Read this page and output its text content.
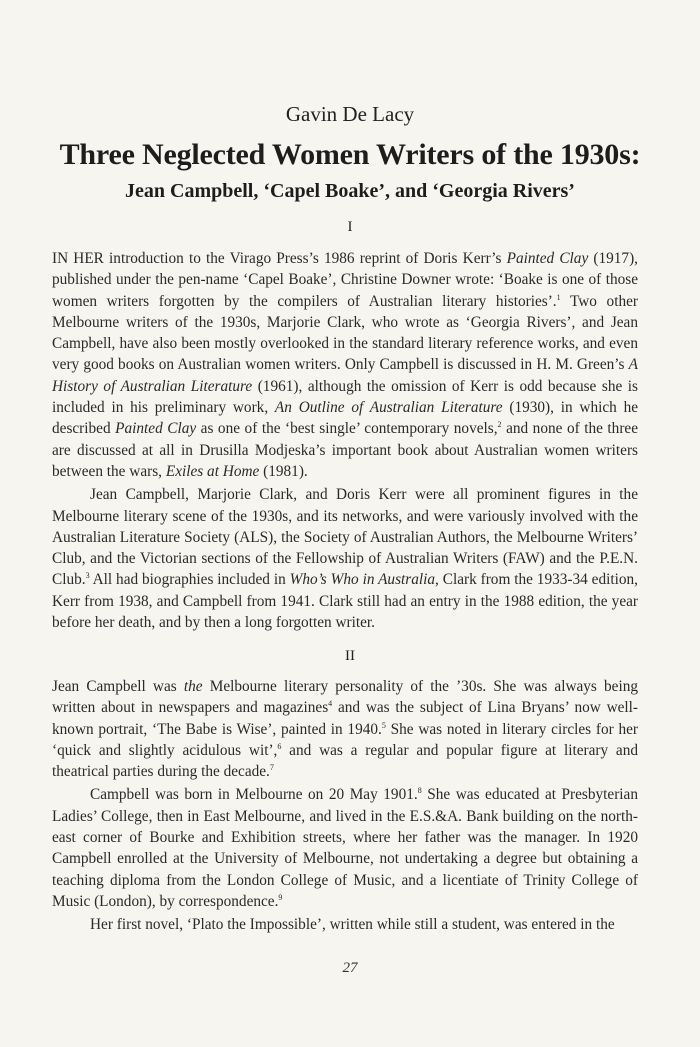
Gavin De Lacy
Three Neglected Women Writers of the 1930s:
Jean Campbell, ‘Capel Boake’, and ‘Georgia Rivers’
I

IN HER introduction to the Virago Press’s 1986 reprint of Doris Kerr’s Painted Clay (1917), published under the pen-name ‘Capel Boake’, Christine Downer wrote: ‘Boake is one of those women writers forgotten by the compilers of Australian literary histories’.$^1$ Two other Melbourne writers of the 1930s, Marjorie Clark, who wrote as ‘Georgia Rivers’, and Jean Campbell, have also been mostly overlooked in the standard literary reference works, and even very good books on Australian women writers. Only Campbell is discussed in H. M. Green’s A History of Australian Literature (1961), although the omission of Kerr is odd because she is included in his preliminary work, An Outline of Australian Literature (1930), in which he described Painted Clay as one of the ‘best single’ contemporary novels,$^2$ and none of the three are discussed at all in Drusilla Modjeska’s important book about Australian women writers between the wars, Exiles at Home (1981).

Jean Campbell, Marjorie Clark, and Doris Kerr were all prominent figures in the Melbourne literary scene of the 1930s, and its networks, and were variously involved with the Australian Literature Society (ALS), the Society of Australian Authors, the Melbourne Writers’ Club, and the Victorian sections of the Fellowship of Australian Writers (FAW) and the P.E.N. Club.$^3$ All had biographies included in Who’s Who in Australia, Clark from the 1933-34 edition, Kerr from 1938, and Campbell from 1941. Clark still had an entry in the 1988 edition, the year before her death, and by then a long forgotten writer.

II

Jean Campbell was the Melbourne literary personality of the ’30s. She was always being written about in newspapers and magazines$^4$ and was the subject of Lina Bryans’ now well-known portrait, ‘The Babe is Wise’, painted in 1940.$^5$ She was noted in literary circles for her ‘quick and slightly acidulous wit’,$^6$ and was a regular and popular figure at literary and theatrical parties during the decade.$^7$

Campbell was born in Melbourne on 20 May 1901.$^8$ She was educated at Presbyterian Ladies’ College, then in East Melbourne, and lived in the E.S.&A. Bank building on the north-east corner of Bourke and Exhibition streets, where her father was the manager. In 1920 Campbell enrolled at the University of Melbourne, not undertaking a degree but obtaining a teaching diploma from the London College of Music, and a licentiate of Trinity College of Music (London), by correspondence.$^9$

Her first novel, ‘Plato the Impossible’, written while still a student, was entered in the

27
